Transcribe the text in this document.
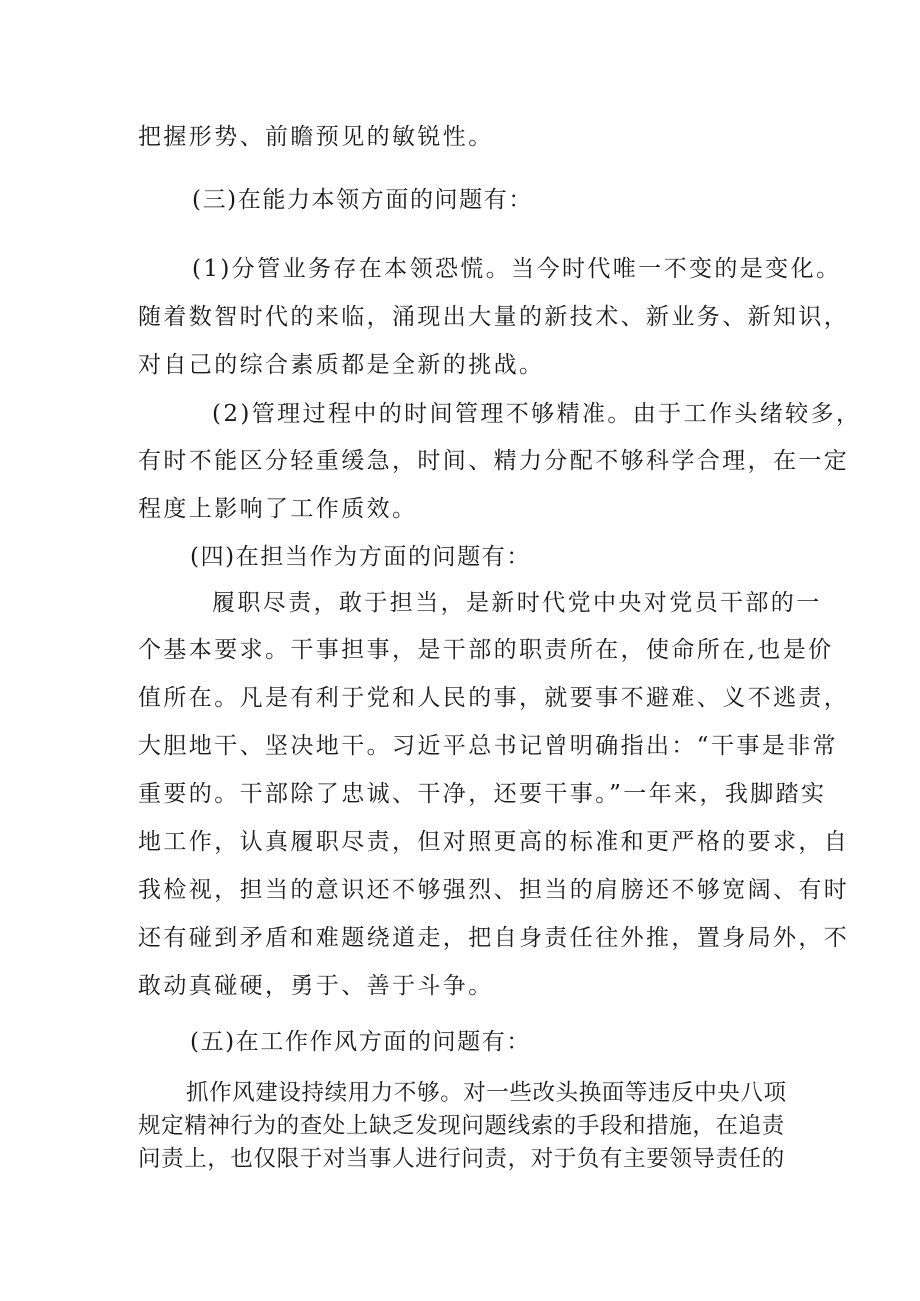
把握形势、前瞻预见的敏锐性。
(三)在能力本领方面的问题有：
(1)分管业务存在本领恐慌。当今时代唯一不变的是变化。
随着数智时代的来临，涌现出大量的新技术、新业务、新知识，
对自己的综合素质都是全新的挑战。
(2)管理过程中的时间管理不够精准。由于工作头绪较多，
有时不能区分轻重缓急，时间、精力分配不够科学合理，在一定
程度上影响了工作质效。
(四)在担当作为方面的问题有：
履职尽责，敢于担当，是新时代党中央对党员干部的一
个基本要求。干事担事，是干部的职责所在，使命所在,也是价
值所在。凡是有利于党和人民的事，就要事不避难、义不逃责，
大胆地干、坚决地干。习近平总书记曾明确指出：“干事是非常
重要的。干部除了忠诚、干净，还要干事。”一年来，我脚踏实
地工作，认真履职尽责，但对照更高的标准和更严格的要求，自
我检视，担当的意识还不够强烈、担当的肩膀还不够宽阔、有时
还有碰到矛盾和难题绕道走，把自身责任往外推，置身局外，不
敢动真碰硬，勇于、善于斗争。
(五)在工作作风方面的问题有：
抓作风建设持续用力不够。对一些改头换面等违反中央八项
规定精神行为的查处上缺乏发现问题线索的手段和措施，在追责
问责上，也仅限于对当事人进行问责，对于负有主要领导责任的
